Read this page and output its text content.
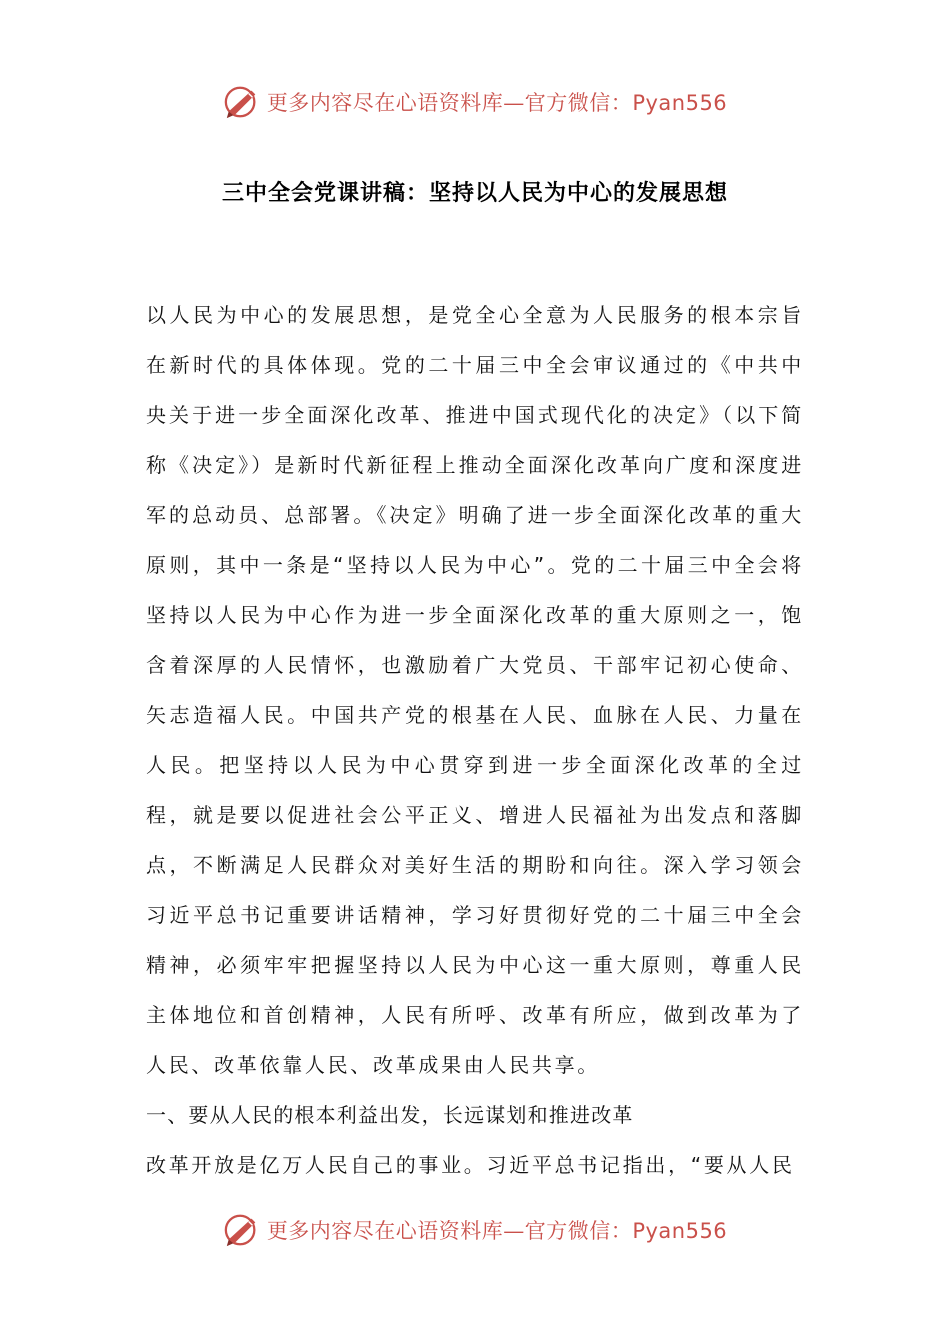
更多内容尽在心语资料库—官方微信：Pyan556
三中全会党课讲稿：坚持以人民为中心的发展思想

以人民为中心的发展思想，是党全心全意为人民服务的根本宗旨在新时代的具体体现。党的二十届三中全会审议通过的《中共中央关于进一步全面深化改革、推进中国式现代化的决定》（以下简称《决定》）是新时代新征程上推动全面深化改革向广度和深度进军的总动员、总部署。《决定》明确了进一步全面深化改革的重大原则，其中一条是“坚持以人民为中心”。党的二十届三中全会将坚持以人民为中心作为进一步全面深化改革的重大原则之一，饱含着深厚的人民情怀，也激励着广大党员、干部牢记初心使命、矢志造福人民。中国共产党的根基在人民、血脉在人民、力量在人民。把坚持以人民为中心贯穿到进一步全面深化改革的全过程，就是要以促进社会公平正义、增进人民福祉为出发点和落脚点，不断满足人民群众对美好生活的期盼和向往。深入学习领会习近平总书记重要讲话精神，学习好贯彻好党的二十届三中全会精神，必须牢牢把握坚持以人民为中心这一重大原则，尊重人民主体地位和首创精神，人民有所呼、改革有所应，做到改革为了人民、改革依靠人民、改革成果由人民共享。

一、要从人民的根本利益出发，长远谋划和推进改革

改革开放是亿万人民自己的事业。习近平总书记指出，“要从人民

更多内容尽在心语资料库—官方微信：Pyan556
